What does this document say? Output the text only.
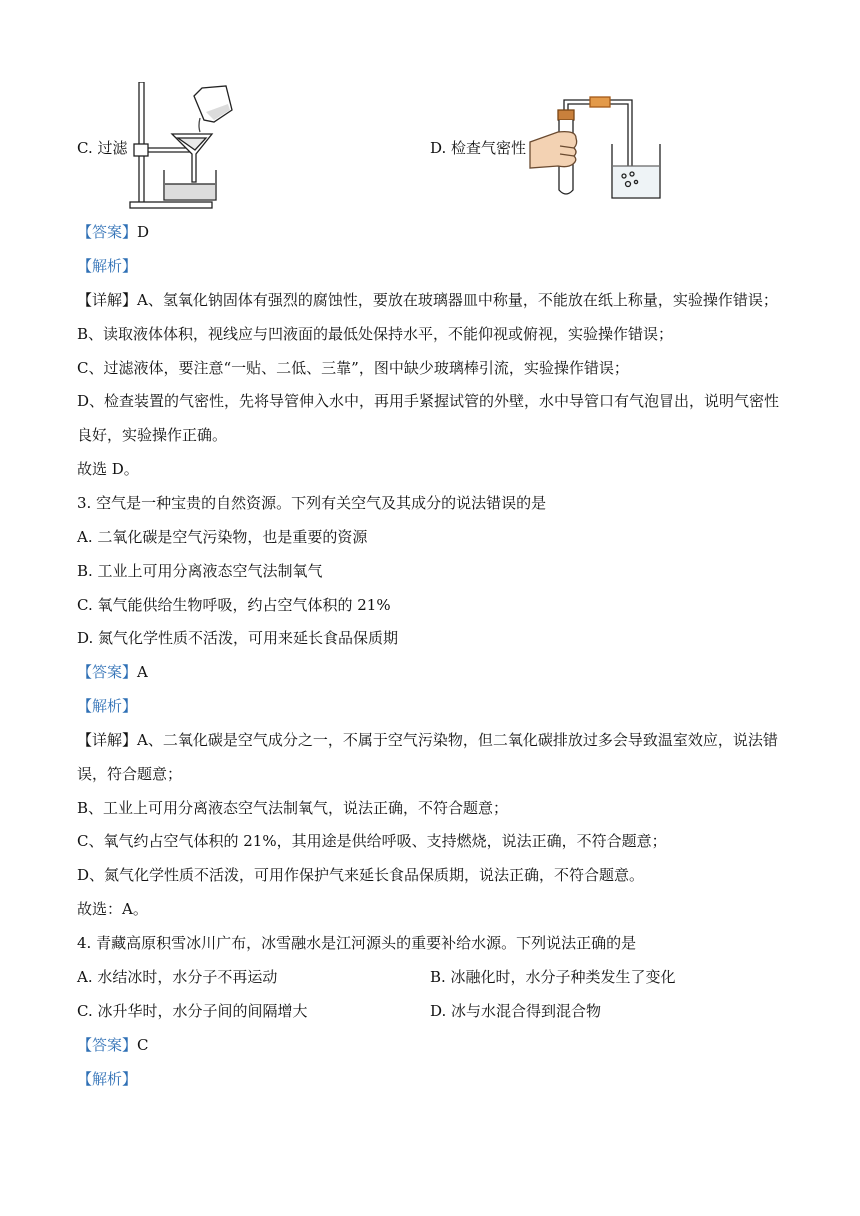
C. 过滤	D. 检查气密性
【答案】D
【解析】
【详解】A、氢氧化钠固体有强烈的腐蚀性，要放在玻璃器皿中称量，不能放在纸上称量，实验操作错误；
B、读取液体体积，视线应与凹液面的最低处保持水平，不能仰视或俯视，实验操作错误；
C、过滤液体，要注意“一贴、二低、三靠”，图中缺少玻璃棒引流，实验操作错误；
D、检查装置的气密性，先将导管伸入水中，再用手紧握试管的外壁，水中导管口有气泡冒出，说明气密性
良好，实验操作正确。
故选 D。
3. 空气是一种宝贵的自然资源。下列有关空气及其成分的说法错误的是
A. 二氧化碳是空气污染物，也是重要的资源
B. 工业上可用分离液态空气法制氧气
C. 氧气能供给生物呼吸，约占空气体积的 21%
D. 氮气化学性质不活泼，可用来延长食品保质期
【答案】A
【解析】
【详解】A、二氧化碳是空气成分之一，不属于空气污染物，但二氧化碳排放过多会导致温室效应，说法错
误，符合题意；
B、工业上可用分离液态空气法制氧气，说法正确，不符合题意；
C、氧气约占空气体积的 21%，其用途是供给呼吸、支持燃烧，说法正确，不符合题意；
D、氮气化学性质不活泼，可用作保护气来延长食品保质期，说法正确，不符合题意。
故选：A。
4. 青藏高原积雪冰川广布，冰雪融水是江河源头的重要补给水源。下列说法正确的是
A. 水结冰时，水分子不再运动	B. 冰融化时，水分子种类发生了变化
C. 冰升华时，水分子间的间隔增大	D. 冰与水混合得到混合物
【答案】C
【解析】
